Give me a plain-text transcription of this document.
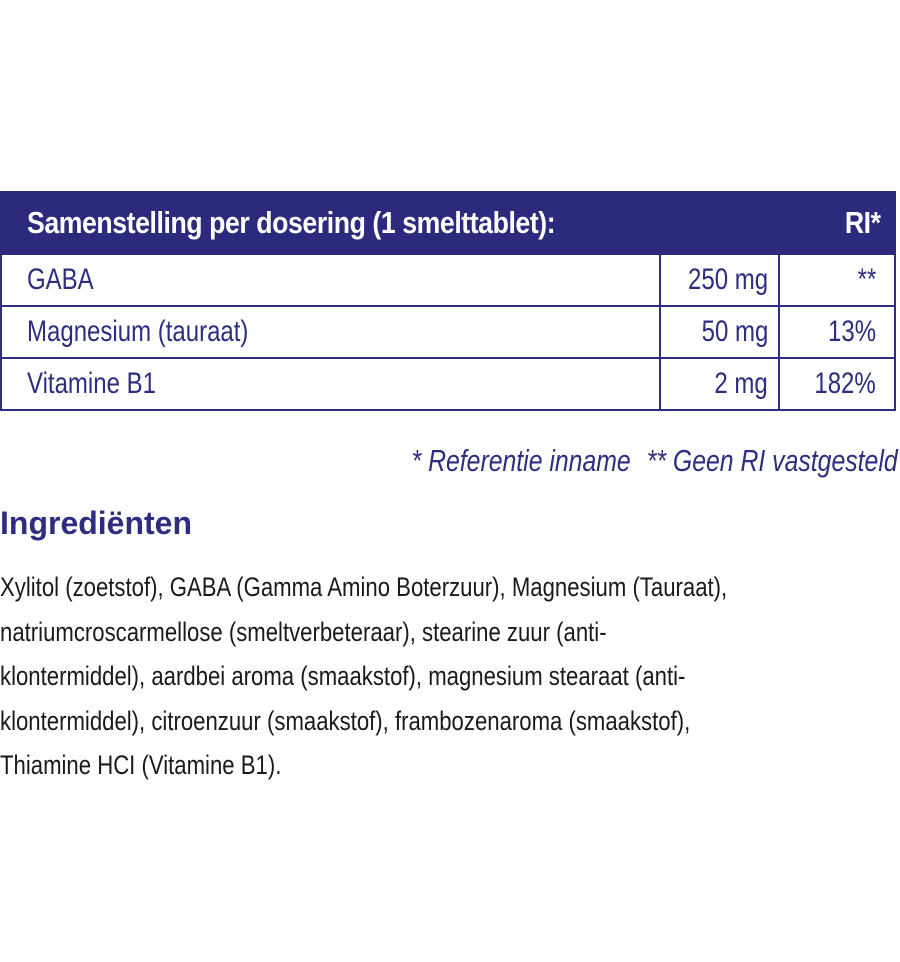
Samenstelling per dosering (1 smelttablet):	RI*
GABA	250 mg	**
Magnesium (tauraat)	50 mg 13%
Vitamine B1	2 mg 182%
* Referentie inname ** Geen RI vastgesteld
Ingrediënten
Xylitol (zoetstof), GABA (Gamma Amino Boterzuur), Magnesium (Tauraat),
natriumcroscarmellose (smeltverbeteraar), stearine zuur (anti-
klontermiddel), aardbei aroma (smaakstof), magnesium stearaat (anti-
klontermiddel), citroenzuur (smaakstof), frambozenaroma (smaakstof),
Thiamine HCI (Vitamine B1).
